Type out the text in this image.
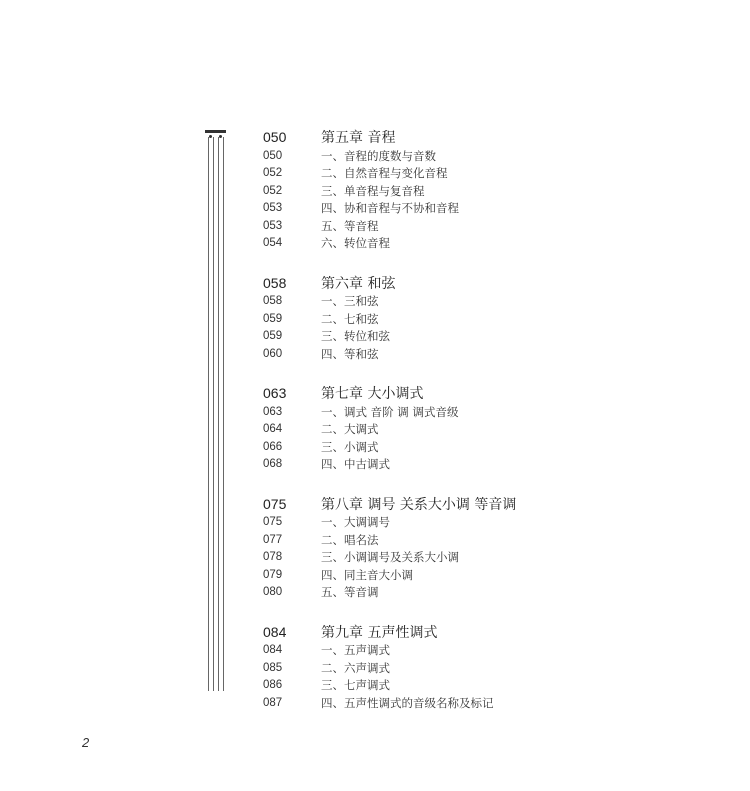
050	第五章 音程
050	一、音程的度数与音数
052	二、自然音程与变化音程
052	三、单音程与复音程
053	四、协和音程与不协和音程
053	五、等音程
054	六、转位音程
058	第六章 和弦
058	一、三和弦
059	二、七和弦
059	三、转位和弦
060	四、等和弦
063	第七章 大小调式
063	一、调式 音阶 调 调式音级
064	二、大调式
066	三、小调式
068	四、中古调式
075	第八章 调号 关系大小调 等音调
075	一、大调调号
077	二、唱名法
078	三、小调调号及关系大小调
079	四、同主音大小调
080	五、等音调
084	第九章 五声性调式
084	一、五声调式
085	二、六声调式
086	三、七声调式
087	四、五声性调式的音级名称及标记
2
